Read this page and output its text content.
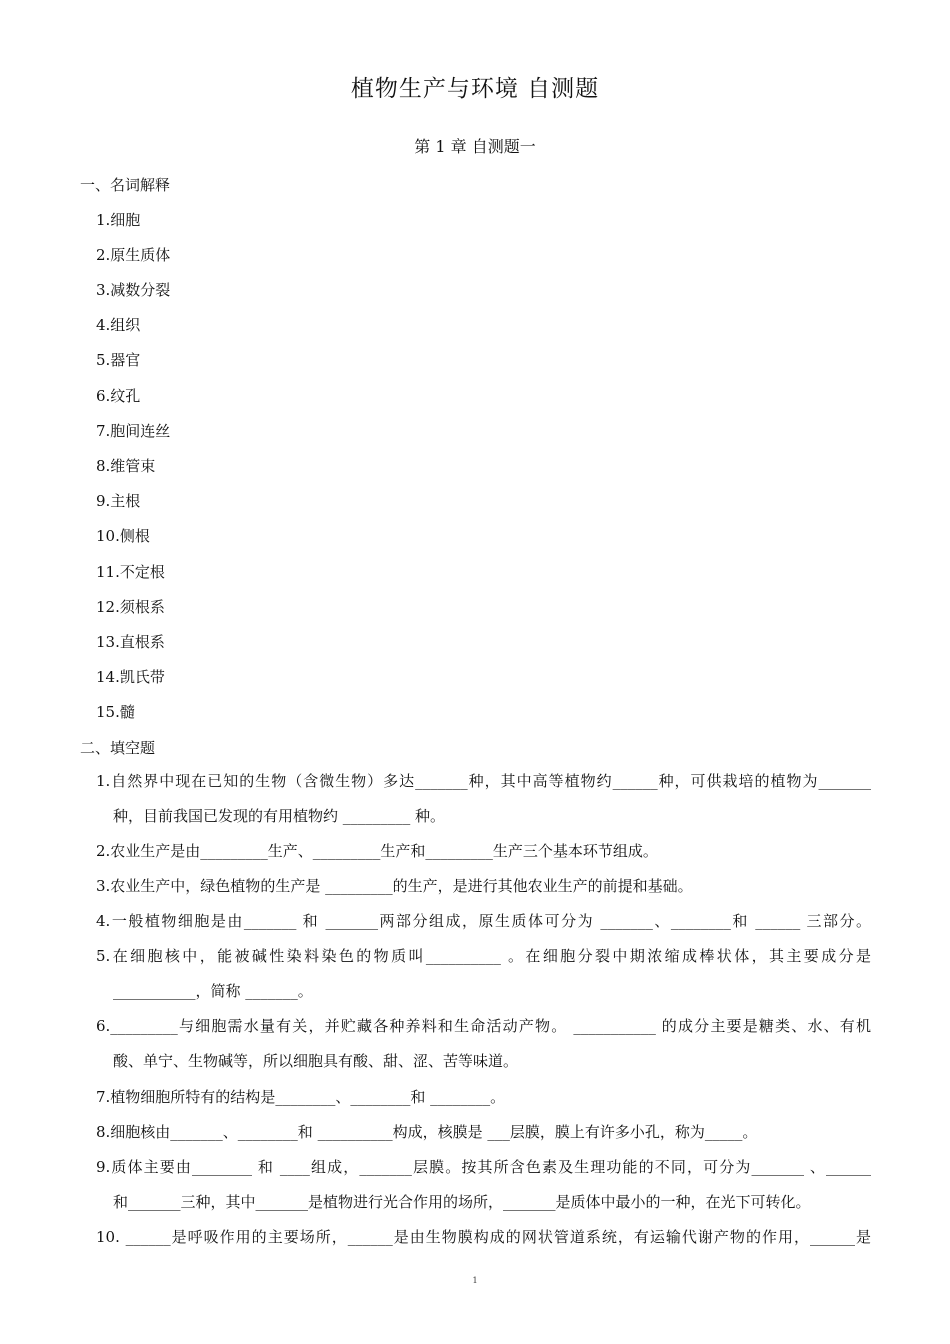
植物生产与环境 自测题
第 1 章 自测题一
一、名词解释
1.细胞
2.原生质体
3.减数分裂
4.组织
5.器官
6.纹孔
7.胞间连丝
8.维管束
9.主根
10.侧根
11.不定根
12.须根系
13.直根系
14.凯氏带
15.髓
二、填空题
1.自然界中现在已知的生物（含微生物）多达_______种，其中高等植物约______种，可供栽培的植物为_______
种，目前我国已发现的有用植物约 _________ 种。
2.农业生产是由_________生产、_________生产和_________生产三个基本环节组成。
3.农业生产中，绿色植物的生产是 _________的生产，是进行其他农业生产的前提和基础。
4.一般植物细胞是由_______ 和 _______两部分组成，原生质体可分为 _______、________和 ______ 三部分。
5.在细胞核中，能被碱性染料染色的物质叫__________ 。在细胞分裂中期浓缩成棒状体，其主要成分是
___________，简称 _______。
6._________与细胞需水量有关，并贮藏各种养料和生命活动产物。 ___________ 的成分主要是糖类、水、有机
酸、单宁、生物碱等，所以细胞具有酸、甜、涩、苦等味道。
7.植物细胞所特有的结构是________、________和 ________。
8.细胞核由_______、________和 __________构成，核膜是 ___层膜，膜上有许多小孔，称为_____。
9.质体主要由________ 和 ____组成，_______层膜。按其所含色素及生理功能的不同，可分为_______ 、______
和_______三种，其中_______是植物进行光合作用的场所，_______是质体中最小的一种，在光下可转化。
10. ______是呼吸作用的主要场所，______是由生物膜构成的网状管道系统，有运输代谢产物的作用，______是
1
